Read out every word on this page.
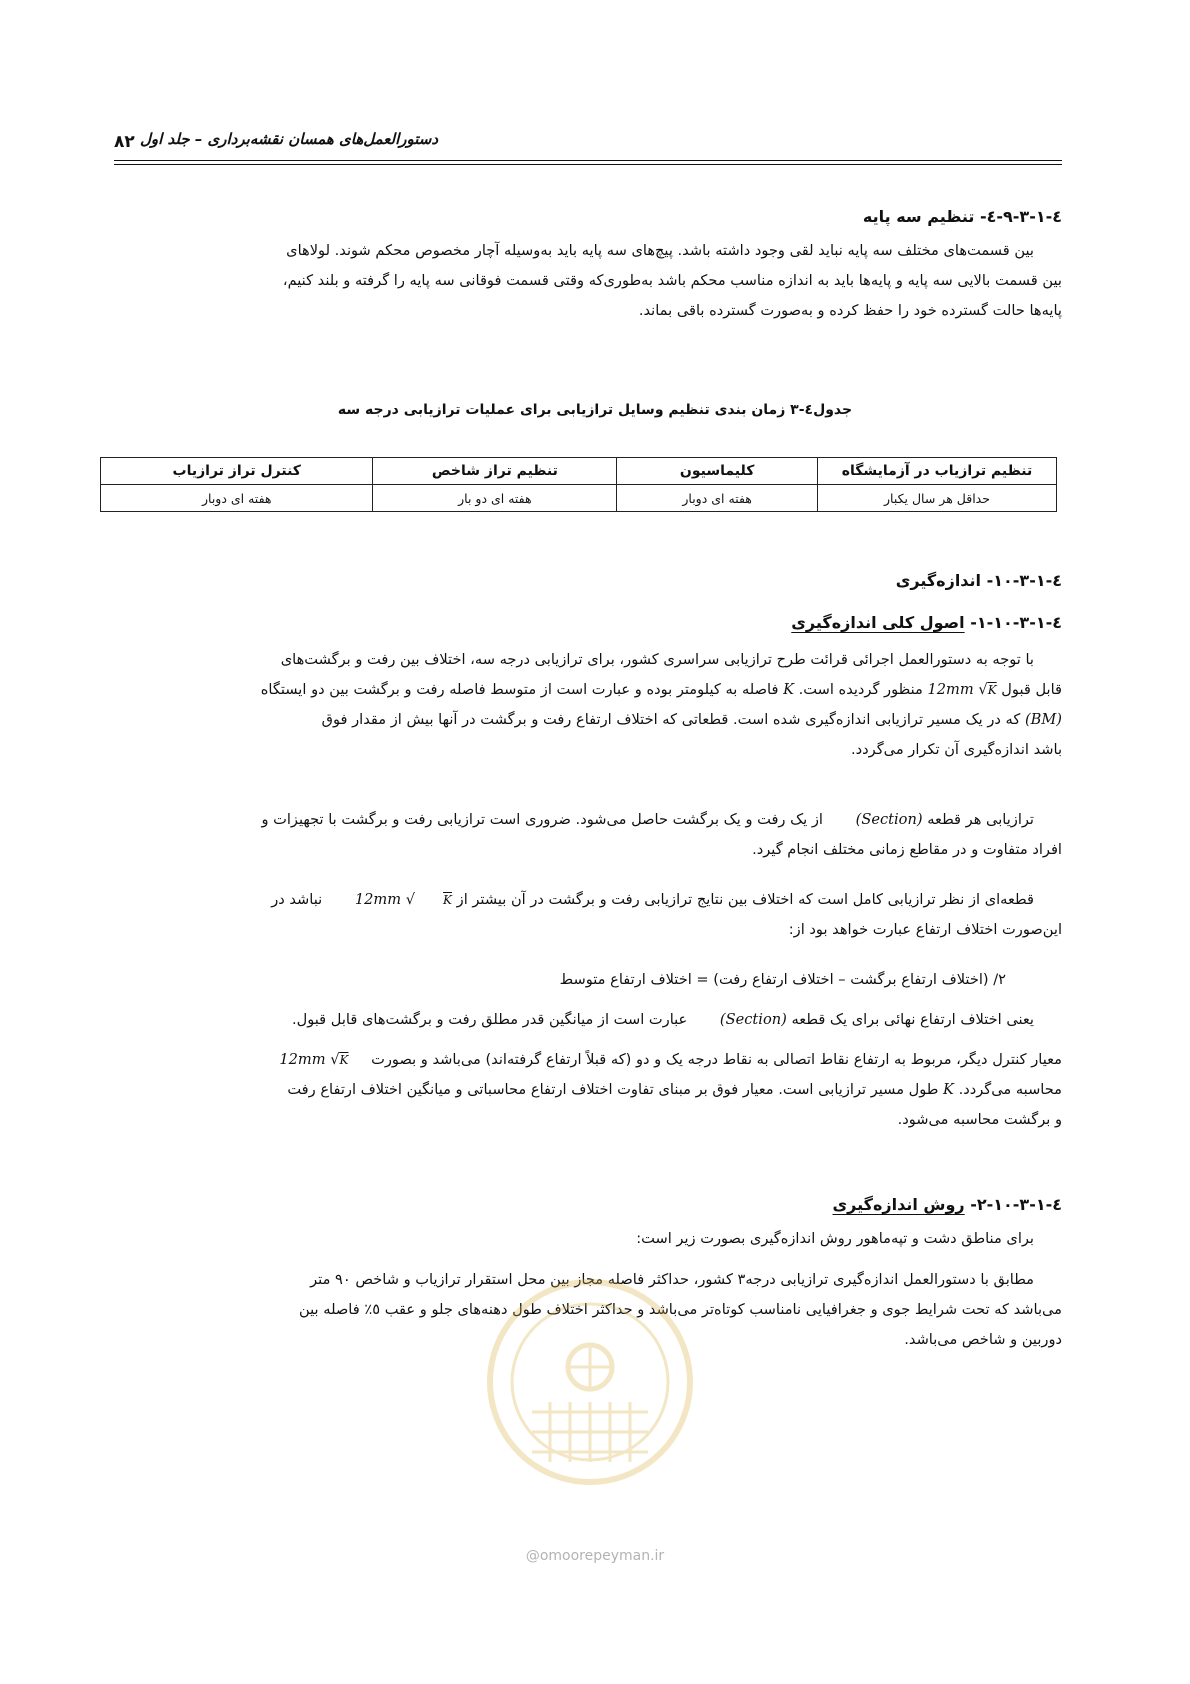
دستورالعمل‌های همسان نقشه‌برداری – جلد اول
۸۲
٤-١-٣-٩-٤- تنظیم سه پایه
بین قسمت‌های مختلف سه پایه نباید لقی وجود داشته باشد. پیچ‌های سه پایه باید به‌وسیله آچار مخصوص محکم شوند. لولاهای
بین قسمت بالایی سه پایه و پایه‌ها باید به اندازه مناسب محکم باشد به‌طوری‌که وقتی قسمت فوقانی سه پایه را گرفته و بلند کنیم،
پایه‌ها حالت گسترده خود را حفظ کرده و به‌صورت گسترده باقی بماند.
جدول٤-٣ زمان بندی تنظیم وسایل ترازیابی برای عملیات ترازیابی درجه سه
تنظیم ترازیاب در آزمایشگاه	کلیماسیون	تنظیم تراز شاخص	کنترل تراز ترازیاب
حداقل هر سال یکبار	هفته ای دوبار	هفته ای دو بار	هفته ای دوبار
٤-١-٣-١٠- اندازه‌گیری
٤-١-٣-١٠-١- اصول کلی اندازه‌گیری
با توجه به دستورالعمل اجرائی قرائت طرح ترازیابی سراسری کشور، برای ترازیابی درجه سه، اختلاف بین رفت و برگشت‌های
قابل قبول 12mm √K منظور گردیده است. K فاصله به کیلومتر بوده و عبارت است از متوسط فاصله رفت و برگشت بین دو ایستگاه
(BM) که در یک مسیر ترازیابی اندازه‌گیری شده است. قطعاتی که اختلاف ارتفاع رفت و برگشت در آنها بیش از مقدار فوق
باشد اندازه‌گیری آن تکرار می‌گردد.
ترازیابی هر قطعه (Section) از یک رفت و یک برگشت حاصل می‌شود. ضروری است ترازیابی رفت و برگشت با تجهیزات و
افراد متفاوت و در مقاطع زمانی مختلف انجام گیرد.
قطعه‌ای از نظر ترازیابی کامل است که اختلاف بین نتایج ترازیابی رفت و برگشت در آن بیشتر از 12mm √ K نباشد در
این‌صورت اختلاف ارتفاع عبارت خواهد بود از:
٢/ (اختلاف ارتفاع برگشت – اختلاف ارتفاع رفت) = اختلاف ارتفاع متوسط
یعنی اختلاف ارتفاع نهائی برای یک قطعه (Section) عبارت است از میانگین قدر مطلق رفت و برگشت‌های قابل قبول.
معیار کنترل دیگر، مربوط به ارتفاع نقاط اتصالی به نقاط درجه یک و دو (که قبلاً ارتفاع گرفته‌اند) می‌باشد و بصورت 12mm √K
محاسبه می‌گردد. K طول مسیر ترازیابی است. معیار فوق بر مبنای تفاوت اختلاف ارتفاع محاسباتی و میانگین اختلاف ارتفاع رفت
و برگشت محاسبه می‌شود.
٤-١-٣-١٠-٢- روش اندازه‌گیری
برای مناطق دشت و تپه‌ماهور روش اندازه‌گیری بصورت زیر است:
مطابق با دستورالعمل اندازه‌گیری ترازیابی درجه٣ کشور، حداکثر فاصله مجاز بین محل استقرار ترازیاب و شاخص ٩٠ متر
می‌باشد که تحت شرایط جوی و جغرافیایی نامناسب کوتاه‌تر می‌باشد و حداکثر اختلاف طول دهنه‌های جلو و عقب ٥٪ فاصله بین
دوربین و شاخص می‌باشد.
@omoorepeyman.ir
